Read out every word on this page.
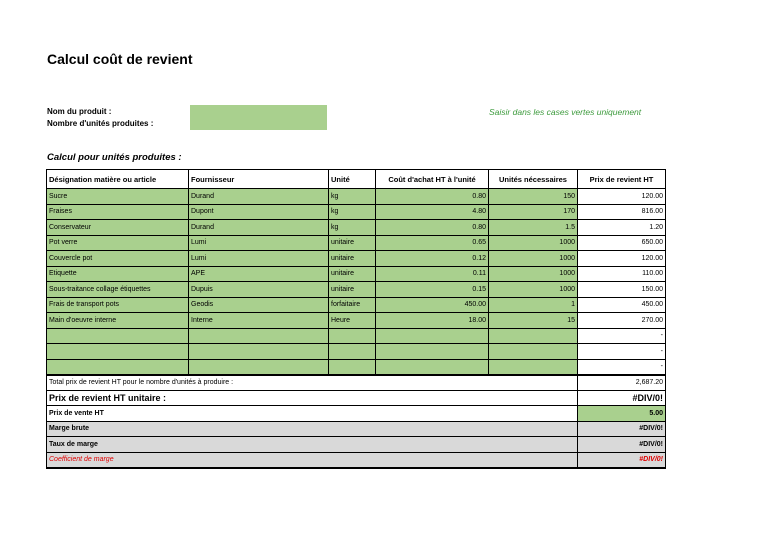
Calcul coût de revient
Nom du produit :
Nombre d'unités produites :
Saisir dans les cases vertes uniquement
Calcul pour unités produites :
Désignation matière ou article	Fournisseur	Unité	Coût d'achat HT à l'unité	Unités nécessaires	Prix de revient HT
Sucre	Durand	kg	0.80	150	120.00
Fraises	Dupont	kg	4.80	170	816.00
Conservateur	Durand	kg	0.80	1.5	1.20
Pot verre	Lumi	unitaire	0.65	1000	650.00
Couvercle pot	Lumi	unitaire	0.12	1000	120.00
Etiquette	APE	unitaire	0.11	1000	110.00
Sous-traitance collage étiquettes	Dupuis	unitaire	0.15	1000	150.00
Frais de transport pots	Geodis	forfaitaire	450.00	1	450.00
Main d'oeuvre interne	Interne	Heure	18.00	15	270.00
					-
					-
					-
Total prix de revient HT pour le nombre d'unités à produire :					2,687.20
Prix de revient HT unitaire :					#DIV/0!
Prix de vente HT					5.00
Marge brute					#DIV/0!
Taux de marge					#DIV/0!
Coefficient de marge					#DIV/0!
